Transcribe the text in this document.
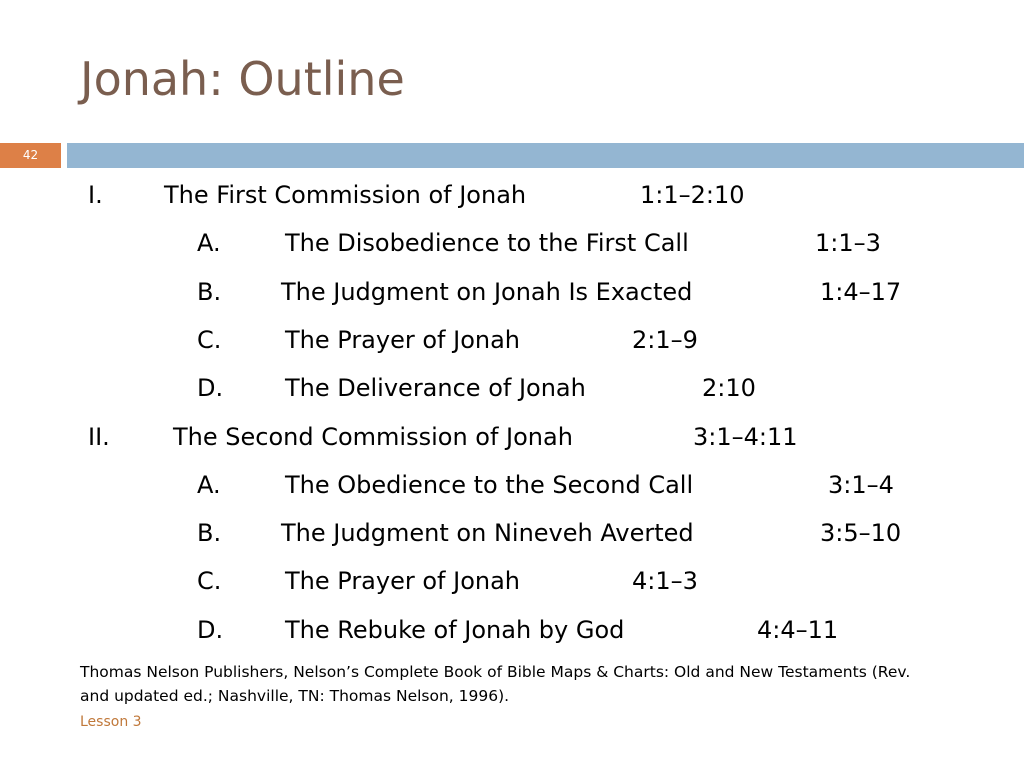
Jonah: Outline
42
I.	The First Commission of Jonah	1:1–2:10
A.	The Disobedience to the First Call	1:1–3
B. The Judgment on Jonah Is Exacted	1:4–17
C.	The Prayer of Jonah	2:1–9
D.	The Deliverance of Jonah	2:10
II.	The Second Commission of Jonah	3:1–4:11
A.	The Obedience to the Second Call	3:1–4
B. The Judgment on Nineveh Averted	3:5–10
C.	The Prayer of Jonah	4:1–3
D.	The Rebuke of Jonah by God	4:4–11
Thomas Nelson Publishers, Nelson’s Complete Book of Bible Maps & Charts: Old and New Testaments (Rev. and updated ed.; Nashville, TN: Thomas Nelson, 1996).
Lesson 3
